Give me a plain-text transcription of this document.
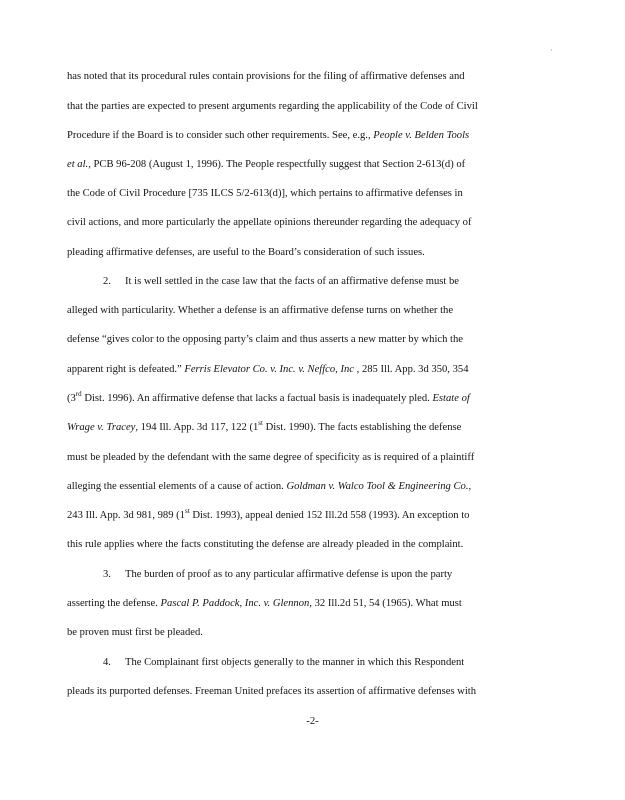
·
has noted that its procedural rules contain provisions for the filing of affirmative defenses and
that the parties are expected to present arguments regarding the applicability of the Code of Civil
Procedure if the Board is to consider such other requirements. See, e.g., People v. Belden Tools
et al., PCB 96-208 (August 1, 1996). The People respectfully suggest that Section 2-613(d) of
the Code of Civil Procedure [735 ILCS 5/2-613(d)], which pertains to affirmative defenses in
civil actions, and more particularly the appellate opinions thereunder regarding the adequacy of
pleading affirmative defenses, are useful to the Board’s consideration of such issues.
2. It is well settled in the case law that the facts of an affirmative defense must be
alleged with particularity. Whether a defense is an affirmative defense turns on whether the
defense “gives color to the opposing party’s claim and thus asserts a new matter by which the
apparent right is defeated.” Ferris Elevator Co. v. Inc. v. Neffco, Inc , 285 Ill. App. 3d 350, 354
(3rd Dist. 1996). An affirmative defense that lacks a factual basis is inadequately pled. Estate of
Wrage v. Tracey, 194 Ill. App. 3d 117, 122 (1st Dist. 1990). The facts establishing the defense
must be pleaded by the defendant with the same degree of specificity as is required of a plaintiff
alleging the essential elements of a cause of action. Goldman v. Walco Tool & Engineering Co.,
243 Ill. App. 3d 981, 989 (1st Dist. 1993), appeal denied 152 Ill.2d 558 (1993). An exception to
this rule applies where the facts constituting the defense are already pleaded in the complaint.
3. The burden of proof as to any particular affirmative defense is upon the party
asserting the defense. Pascal P. Paddock, Inc. v. Glennon, 32 Ill.2d 51, 54 (1965). What must
be proven must first be pleaded.
4. The Complainant first objects generally to the manner in which this Respondent
pleads its purported defenses. Freeman United prefaces its assertion of affirmative defenses with
-2-
